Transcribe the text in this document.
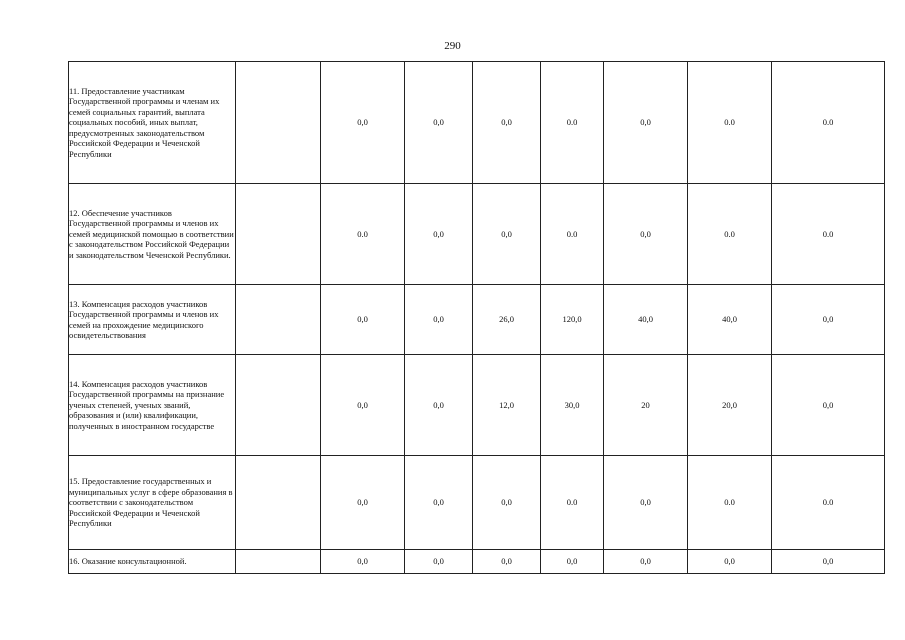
290
11. Предоставление участникам Государственной программы и членам их семей социальных гарантий, выплата социальных пособий, иных выплат, предусмотренных законодательством Российской Федерации и Чеченской Республики		0,0	0,0	0,0	0.0	0,0	0.0	0.0
12. Обеспечение участников Государственной программы и членов их семей медицинской помощью в соответствии с законодательством Российской Федерации и законодательством Чеченской Республики.		0.0	0,0	0,0	0.0	0,0	0.0	0.0
13. Компенсация расходов участников Государственной программы и членов их семей на прохождение медицинского освидетельствования		0,0	0,0	26,0	120,0	40,0	40,0	0,0
14. Компенсация расходов участников Государственной программы на признание ученых степеней, ученых званий, образования и (или) квалификации, полученных в иностранном государстве		0,0	0,0	12,0	30,0	20	20,0	0,0
15. Предоставление государственных и муниципальных услуг в сфере образования в соответствии с законодательством Российской Федерации и Чеченской Республики		0,0	0,0	0,0	0.0	0,0	0.0	0.0
16. Оказание консультационной.		0,0	0,0	0,0	0,0	0,0	0,0	0,0
